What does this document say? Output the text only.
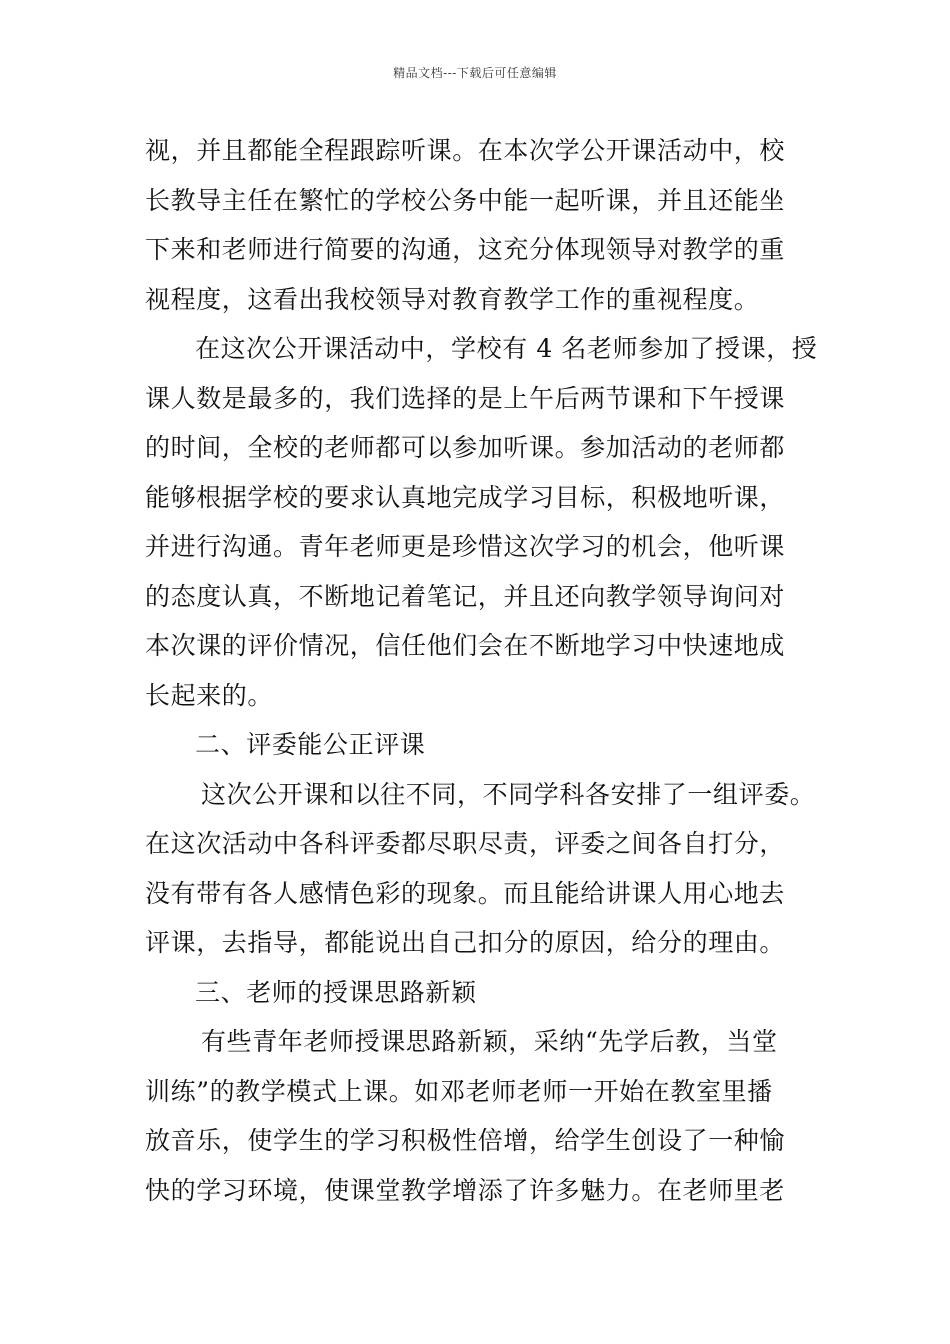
精品文档---下载后可任意编辑
视，并且都能全程跟踪听课。在本次学公开课活动中，校
长教导主任在繁忙的学校公务中能一起听课，并且还能坐
下来和老师进行简要的沟通，这充分体现领导对教学的重
视程度，这看出我校领导对教育教学工作的重视程度。
在这次公开课活动中，学校有 4 名老师参加了授课，授
课人数是最多的，我们选择的是上午后两节课和下午授课
的时间，全校的老师都可以参加听课。参加活动的老师都
能够根据学校的要求认真地完成学习目标，积极地听课，
并进行沟通。青年老师更是珍惜这次学习的机会，他听课
的态度认真，不断地记着笔记，并且还向教学领导询问对
本次课的评价情况，信任他们会在不断地学习中快速地成
长起来的。
二、评委能公正评课
这次公开课和以往不同，不同学科各安排了一组评委。
在这次活动中各科评委都尽职尽责，评委之间各自打分，
没有带有各人感情色彩的现象。而且能给讲课人用心地去
评课，去指导，都能说出自己扣分的原因，给分的理由。
三、老师的授课思路新颖
有些青年老师授课思路新颖，采纳“先学后教，当堂
训练”的教学模式上课。如邓老师老师一开始在教室里播
放音乐，使学生的学习积极性倍增，给学生创设了一种愉
快的学习环境，使课堂教学增添了许多魅力。在老师里老
